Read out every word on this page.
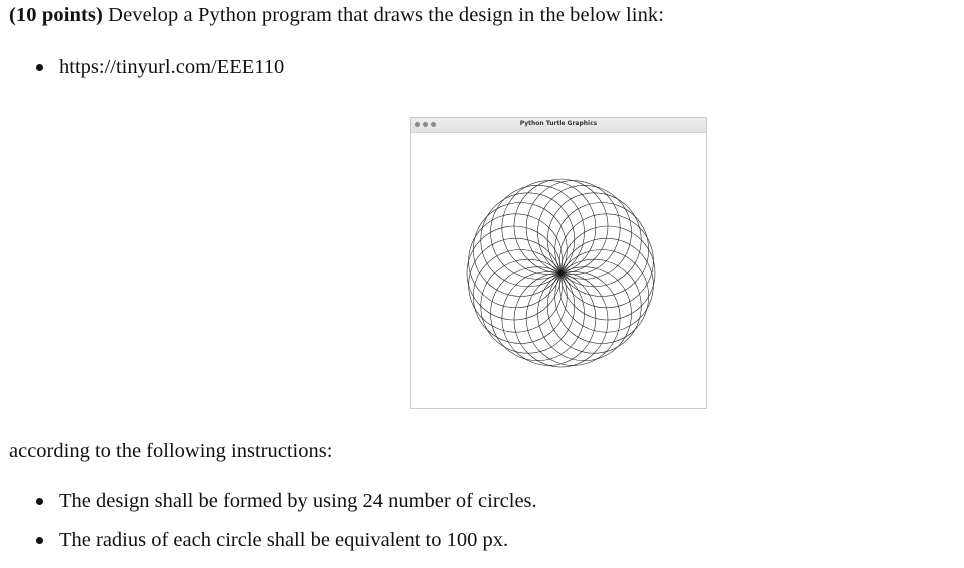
(10 points) Develop a Python program that draws the design in the below link:
https://tinyurl.com/EEE110
Python Turtle Graphics
according to the following instructions:
The design shall be formed by using 24 number of circles.
The radius of each circle shall be equivalent to 100 px.
